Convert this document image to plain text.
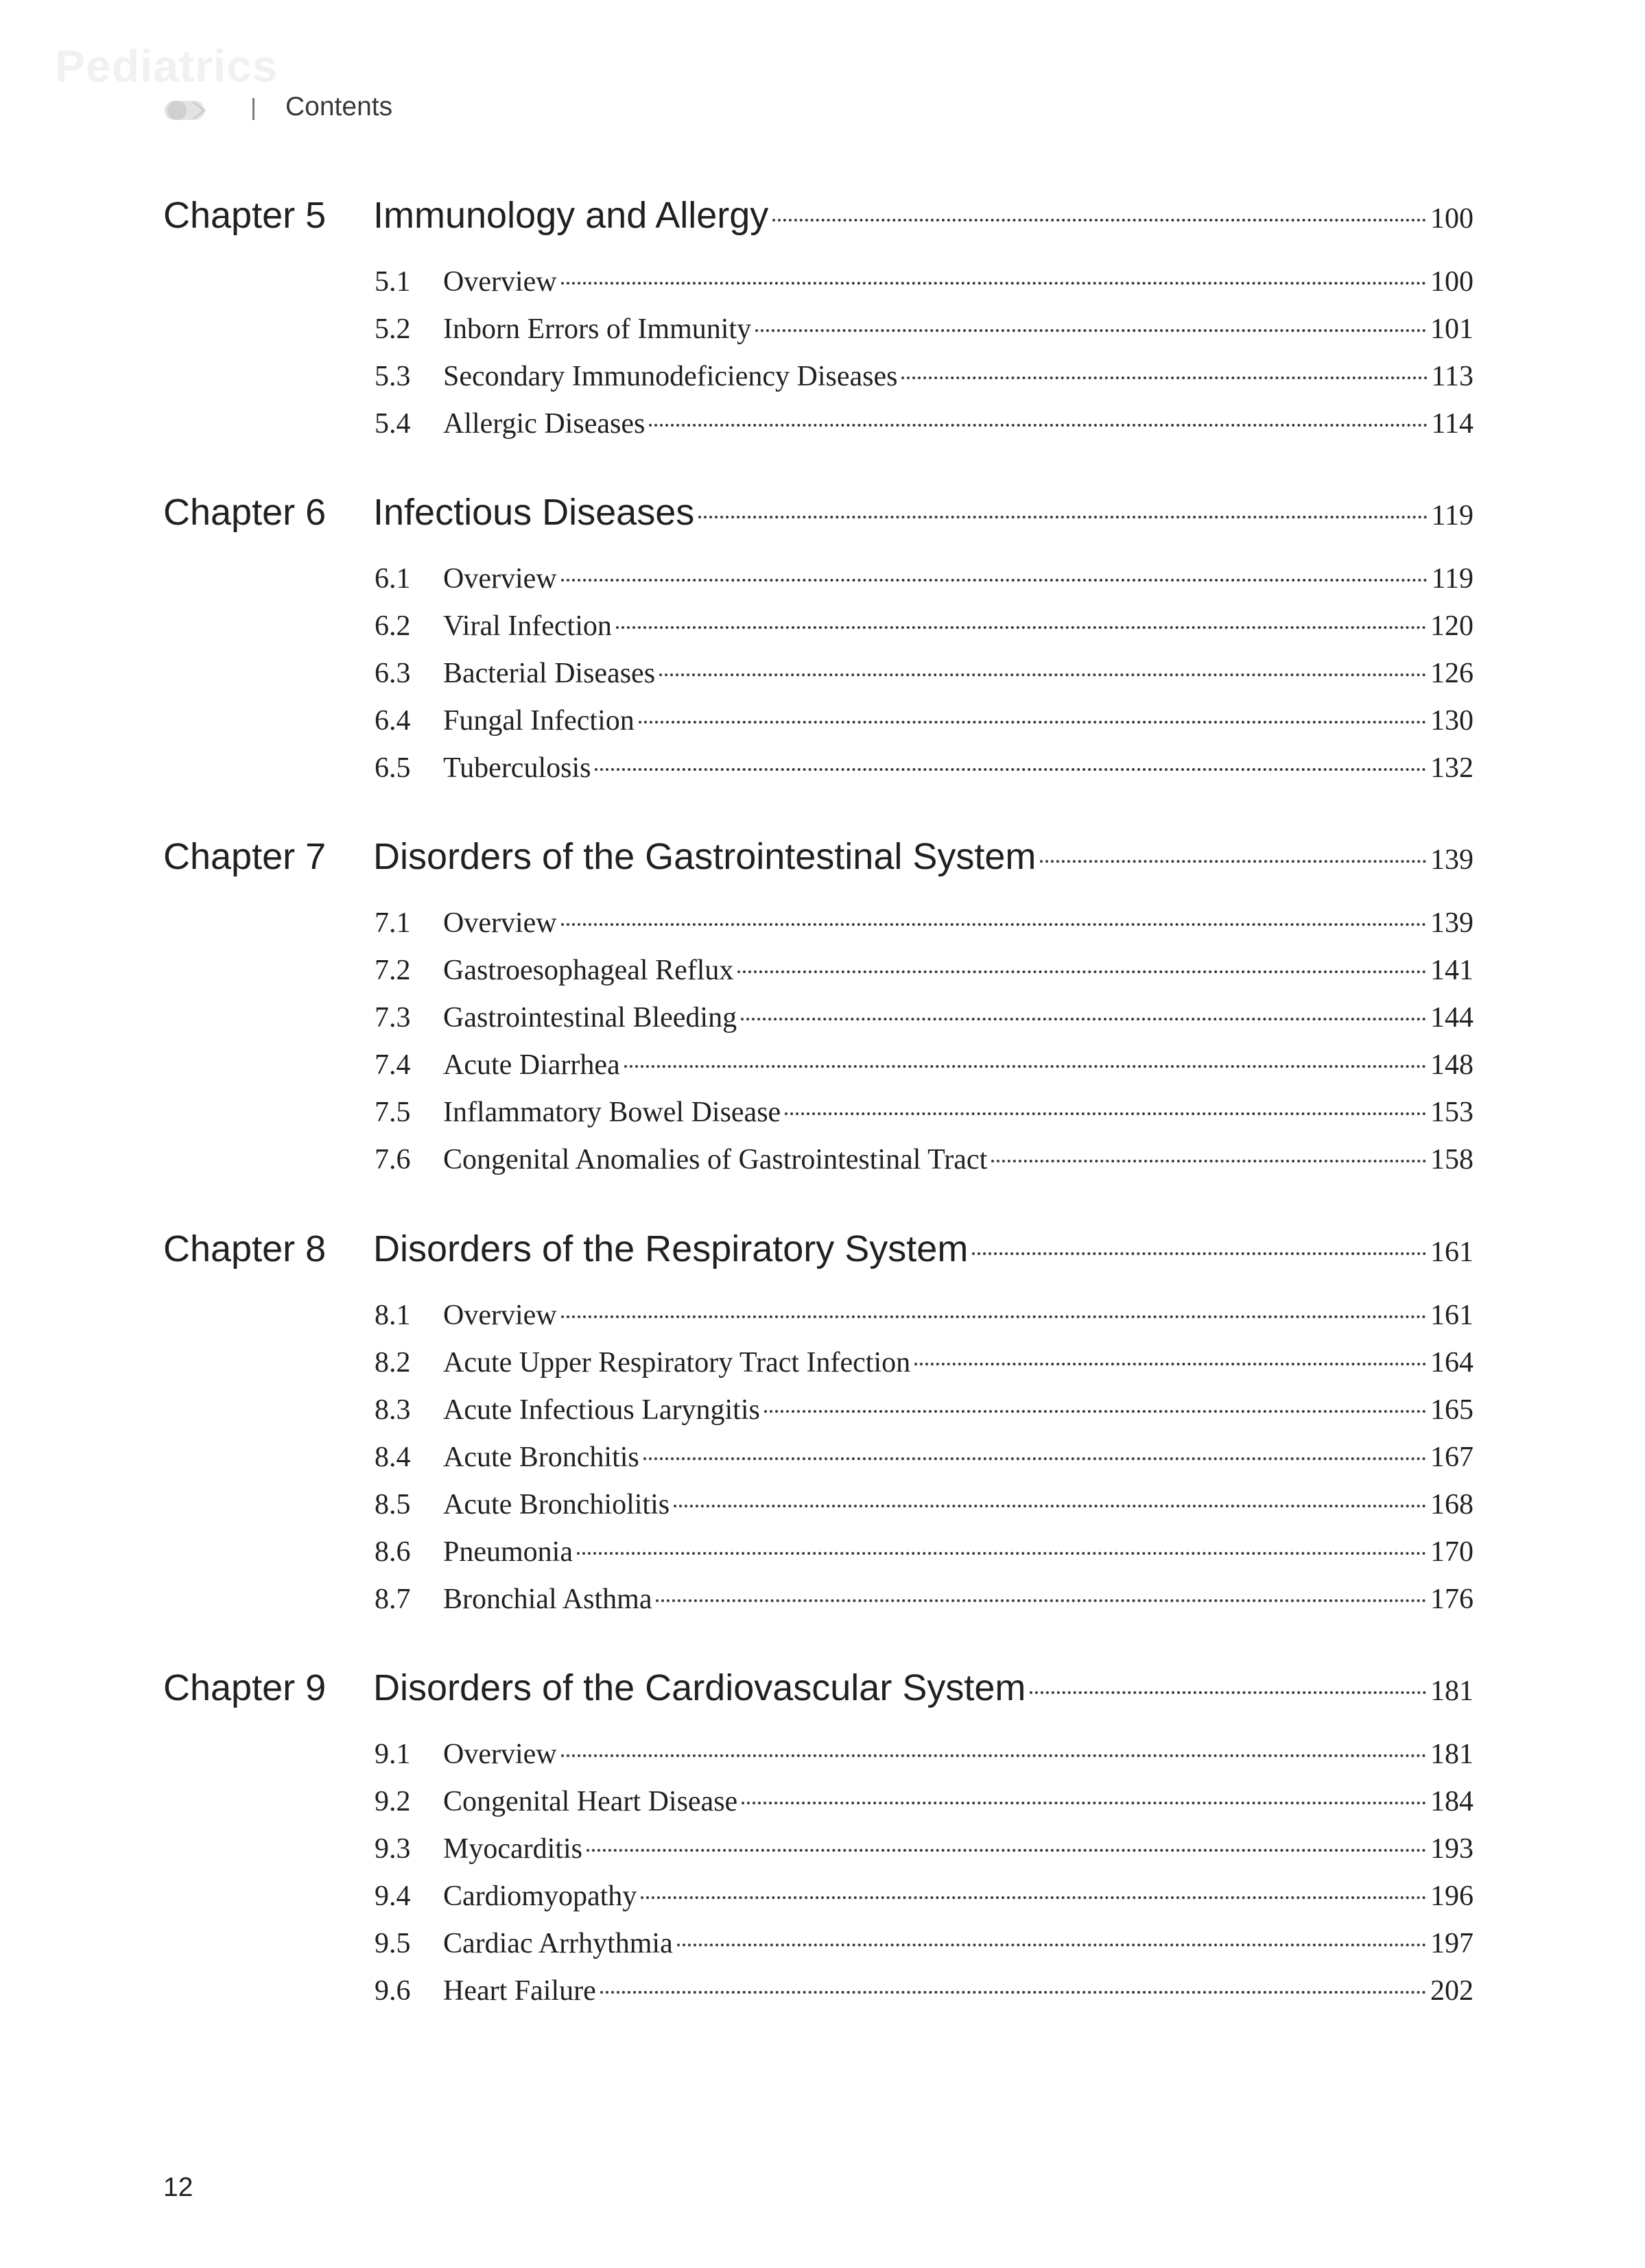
Pediatrics
Contents
Chapter 5	Immunology and Allergy	100
5.1	Overview	100
5.2	Inborn Errors of Immunity	101
5.3	Secondary Immunodeficiency Diseases	113
5.4	Allergic Diseases	114
Chapter 6	Infectious Diseases	119
6.1	Overview	119
6.2	Viral Infection	120
6.3	Bacterial Diseases	126
6.4	Fungal Infection	130
6.5	Tuberculosis	132
Chapter 7	Disorders of the Gastrointestinal System	139
7.1	Overview	139
7.2	Gastroesophageal Reflux	141
7.3	Gastrointestinal Bleeding	144
7.4	Acute Diarrhea	148
7.5	Inflammatory Bowel Disease	153
7.6	Congenital Anomalies of Gastrointestinal Tract	158
Chapter 8	Disorders of the Respiratory System	161
8.1	Overview	161
8.2	Acute Upper Respiratory Tract Infection	164
8.3	Acute Infectious Laryngitis	165
8.4	Acute Bronchitis	167
8.5	Acute Bronchiolitis	168
8.6	Pneumonia	170
8.7	Bronchial Asthma	176
Chapter 9	Disorders of the Cardiovascular System	181
9.1	Overview	181
9.2	Congenital Heart Disease	184
9.3	Myocarditis	193
9.4	Cardiomyopathy	196
9.5	Cardiac Arrhythmia	197
9.6	Heart Failure	202
12
